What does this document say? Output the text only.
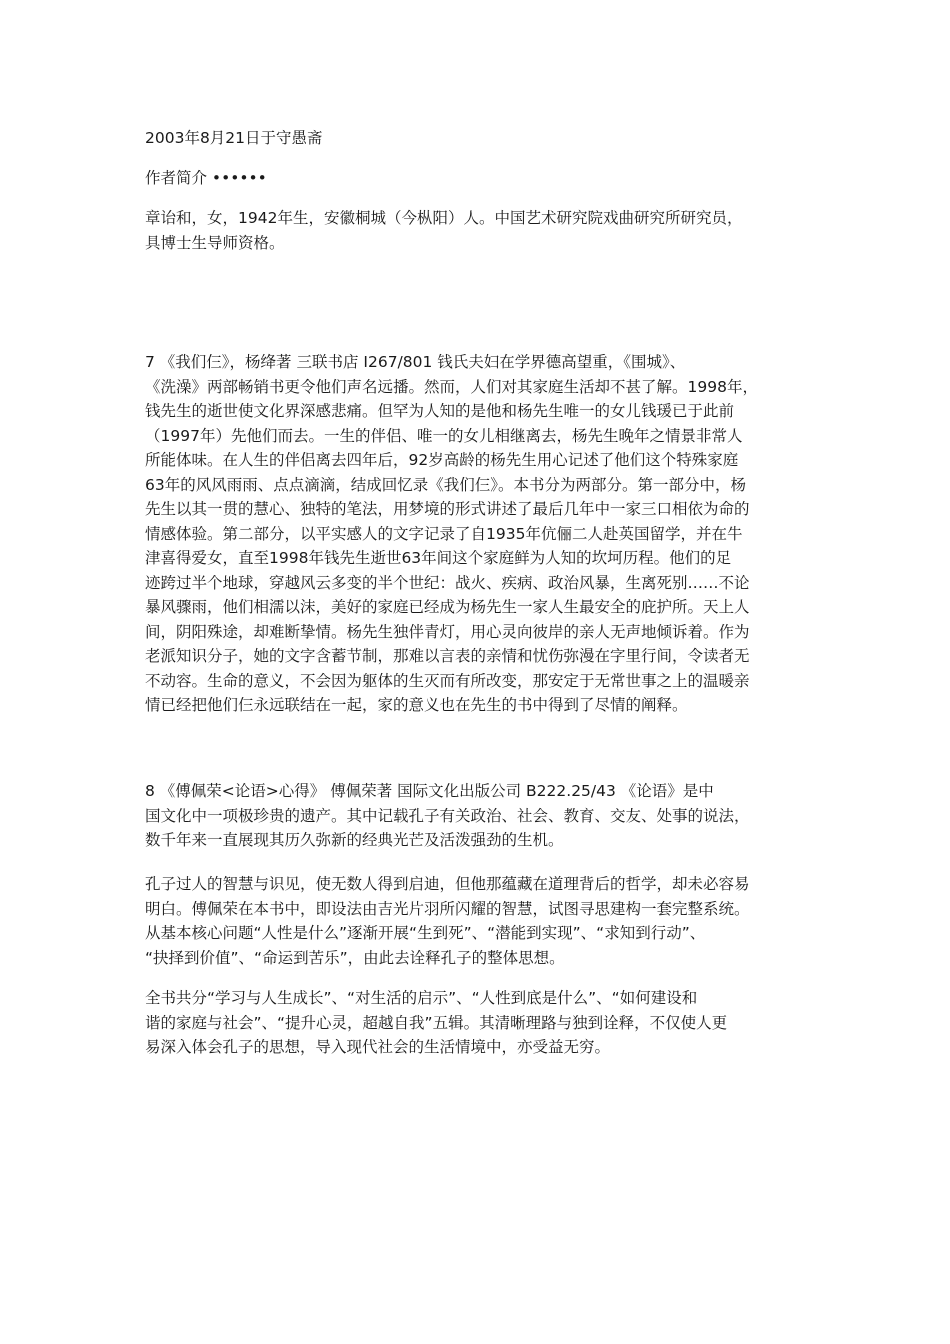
2003年8月21日于守愚斋

作者简介 ••••••

章诒和，女，1942年生，安徽桐城（今枞阳）人。中国艺术研究院戏曲研究所研究员，
具博士生导师资格。

7 《我们仨》，杨绛著 三联书店 I267/801 钱氏夫妇在学界德高望重，《围城》、
《洗澡》两部畅销书更令他们声名远播。然而，人们对其家庭生活却不甚了解。1998年，
钱先生的逝世使文化界深感悲痛。但罕为人知的是他和杨先生唯一的女儿钱瑗已于此前
（1997年）先他们而去。一生的伴侣、唯一的女儿相继离去，杨先生晚年之情景非常人
所能体味。在人生的伴侣离去四年后，92岁高龄的杨先生用心记述了他们这个特殊家庭
63年的风风雨雨、点点滴滴，结成回忆录《我们仨》。本书分为两部分。第一部分中，杨
先生以其一贯的慧心、独特的笔法，用梦境的形式讲述了最后几年中一家三口相依为命的
情感体验。第二部分，以平实感人的文字记录了自1935年伉俪二人赴英国留学，并在牛
津喜得爱女，直至1998年钱先生逝世63年间这个家庭鲜为人知的坎坷历程。他们的足
迹跨过半个地球，穿越风云多变的半个世纪：战火、疾病、政治风暴，生离死别……不论
暴风骤雨，他们相濡以沫，美好的家庭已经成为杨先生一家人生最安全的庇护所。天上人
间，阴阳殊途，却难断挚情。杨先生独伴青灯，用心灵向彼岸的亲人无声地倾诉着。作为
老派知识分子，她的文字含蓄节制，那难以言表的亲情和忧伤弥漫在字里行间，令读者无
不动容。生命的意义，不会因为躯体的生灭而有所改变，那安定于无常世事之上的温暖亲
情已经把他们仨永远联结在一起，家的意义也在先生的书中得到了尽情的阐释。

8 《傅佩荣<论语>心得》 傅佩荣著 国际文化出版公司 B222.25/43 《论语》是中
国文化中一项极珍贵的遗产。其中记载孔子有关政治、社会、教育、交友、处事的说法，
数千年来一直展现其历久弥新的经典光芒及活泼强劲的生机。

孔子过人的智慧与识见，使无数人得到启迪，但他那蕴藏在道理背后的哲学，却未必容易
明白。傅佩荣在本书中，即设法由吉光片羽所闪耀的智慧，试图寻思建构一套完整系统。
从基本核心问题“人性是什么”逐渐开展“生到死”、“潜能到实现”、“求知到行动”、
“抉择到价值”、“命运到苦乐”，由此去诠释孔子的整体思想。

全书共分“学习与人生成长”、“对生活的启示”、“人性到底是什么”、“如何建设和
谐的家庭与社会”、“提升心灵，超越自我”五辑。其清晰理路与独到诠释，不仅使人更
易深入体会孔子的思想，导入现代社会的生活情境中，亦受益无穷。
